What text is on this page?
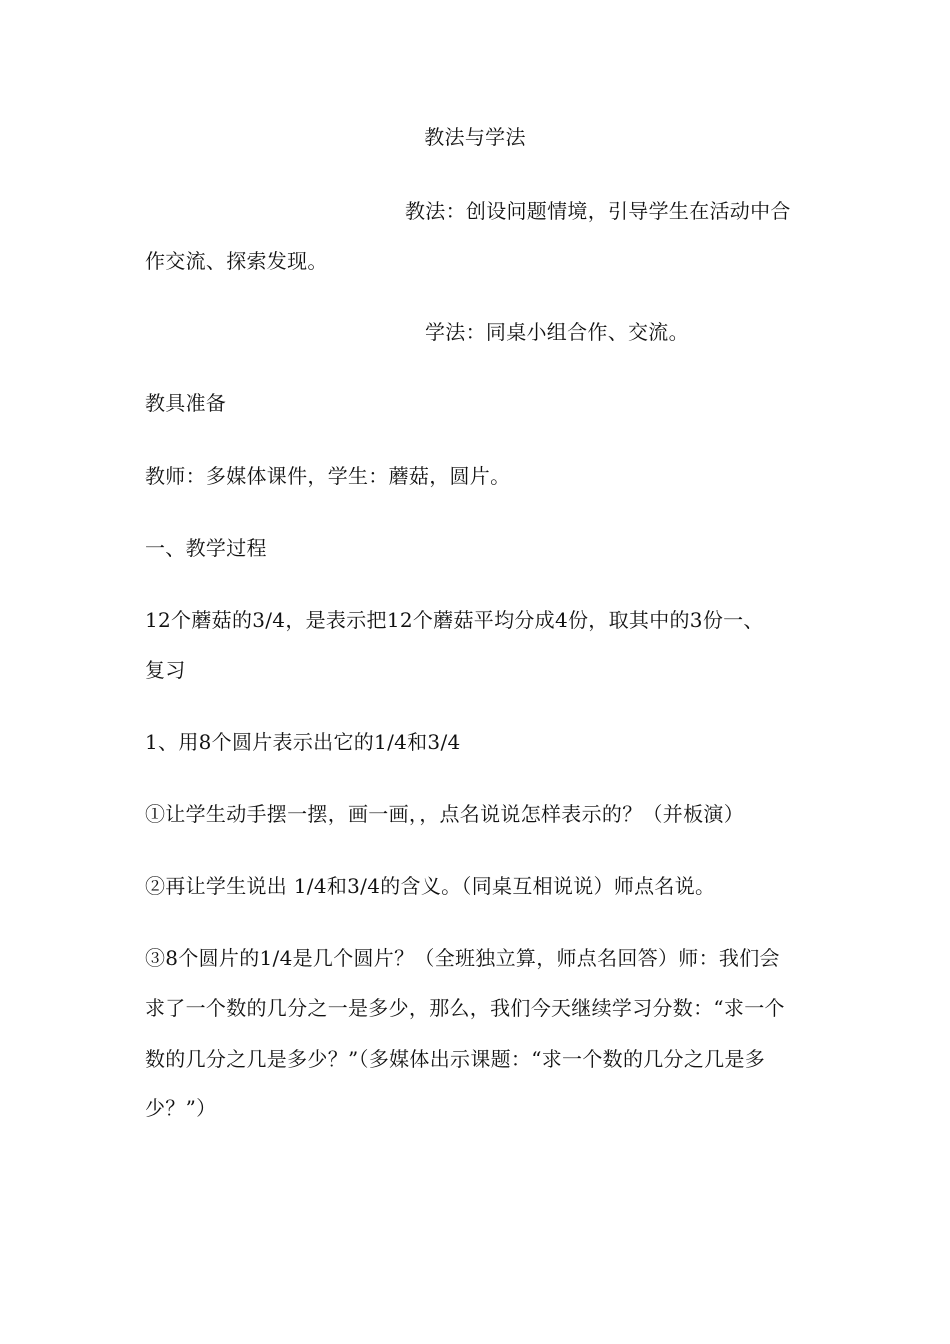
教法与学法
教法：创设问题情境，引导学生在活动中合
作交流、探索发现。
学法：同桌小组合作、交流。
教具准备
教师：多媒体课件，学生：蘑菇，圆片。
一、教学过程
12个蘑菇的3/4，是表示把12个蘑菇平均分成4份，取其中的3份一、
复习
1、用8个圆片表示出它的1/4和3/4
①让学生动手摆一摆，画一画，，点名说说怎样表示的？（并板演）
②再让学生说出 1/4和3/4的含义。（同桌互相说说）师点名说。
③8个圆片的1/4是几个圆片？（全班独立算，师点名回答）师：我们会
求了一个数的几分之一是多少，那么，我们今天继续学习分数：“求一个
数的几分之几是多少？”（多媒体出示课题：“求一个数的几分之几是多
少？”）
